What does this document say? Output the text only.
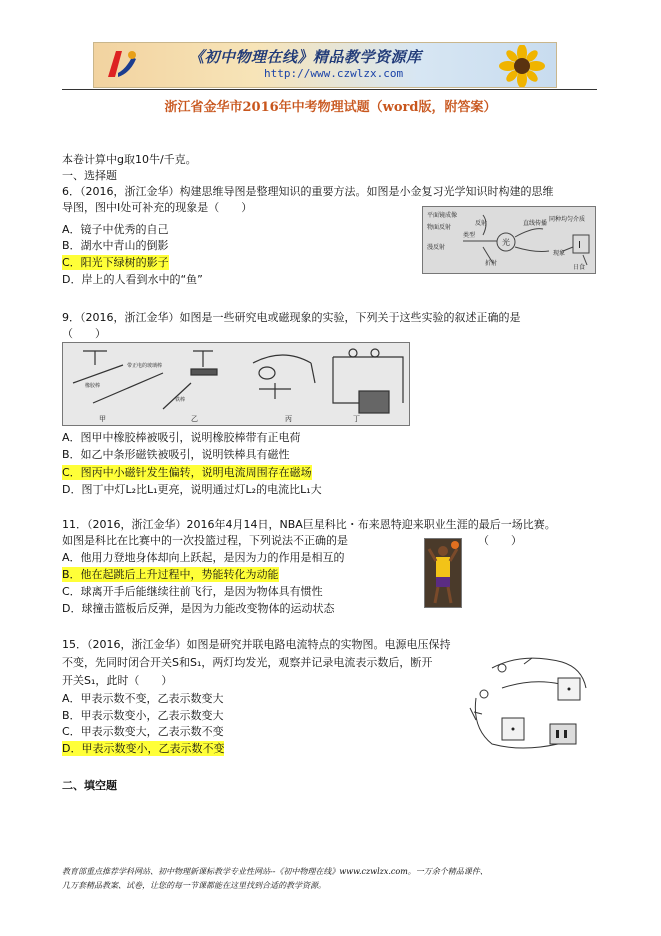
《初中物理在线》精品教学资源库
http://www.czwlzx.com
浙江省金华市2016年中考物理试题（word版，附答案）
本卷计算中g取10牛/千克。
一、选择题
6．（2016，浙江金华）构建思维导图是整理知识的重要方法。如图是小金复习光学知识时构建的思维
导图，图中Ⅰ处可补充的现象是（　　）
A．镜子中优秀的自己
B．湖水中青山的倒影
C．阳光下绿树的影子
D．岸上的人看到水中的“鱼”
平面镜成像
物面反射
漫反射
反射	直线传播
同种均匀介质
光
折射
现象
Ⅰ
日食
类型
9．（2016，浙江金华）如图是一些研究电或磁现象的实验，下列关于这些实验的叙述正确的是
（　　）
甲	乙	丙	丁
橡胶棒
带正电的玻璃棒
铁棒
A．图甲中橡胶棒被吸引，说明橡胶棒带有正电荷
B．如乙中条形磁铁被吸引，说明铁棒具有磁性
C．图丙中小磁针发生偏转，说明电流周围存在磁场
D．图丁中灯L₂比L₁更亮，说明通过灯L₂的电流比L₁大
11．（2016，浙江金华）2016年4月14日，NBA巨星科比・布来恩特迎来职业生涯的最后一场比赛。
如图是科比在比赛中的一次投篮过程，下列说法不正确的是	（　　）
A．他用力登地身体却向上跃起，是因为力的作用是相互的
B．他在起跳后上升过程中，势能转化为动能
C．球离开手后能继续往前飞行，是因为物体具有惯性
D．球撞击篮板后反弹，是因为力能改变物体的运动状态
15．（2016，浙江金华）如图是研究并联电路电流特点的实物图。电源电压保持
不变，先同时闭合开关S和S₁，两灯均发光，观察并记录电流表示数后，断开
开关S₁，此时（　　）
A．甲表示数不变，乙表示数变大
B．甲表示数变小，乙表示数变大
C．甲表示数变大，乙表示数不变
D．甲表示数变小，乙表示数不变
二、填空题
教育部重点推荐学科网站、初中物理新课标教学专业性网站--《初中物理在线》www.czwlzx.com。一万余个精品课件、
几万套精品教案、试卷，让您的每一节课都能在这里找到合适的教学资源。
